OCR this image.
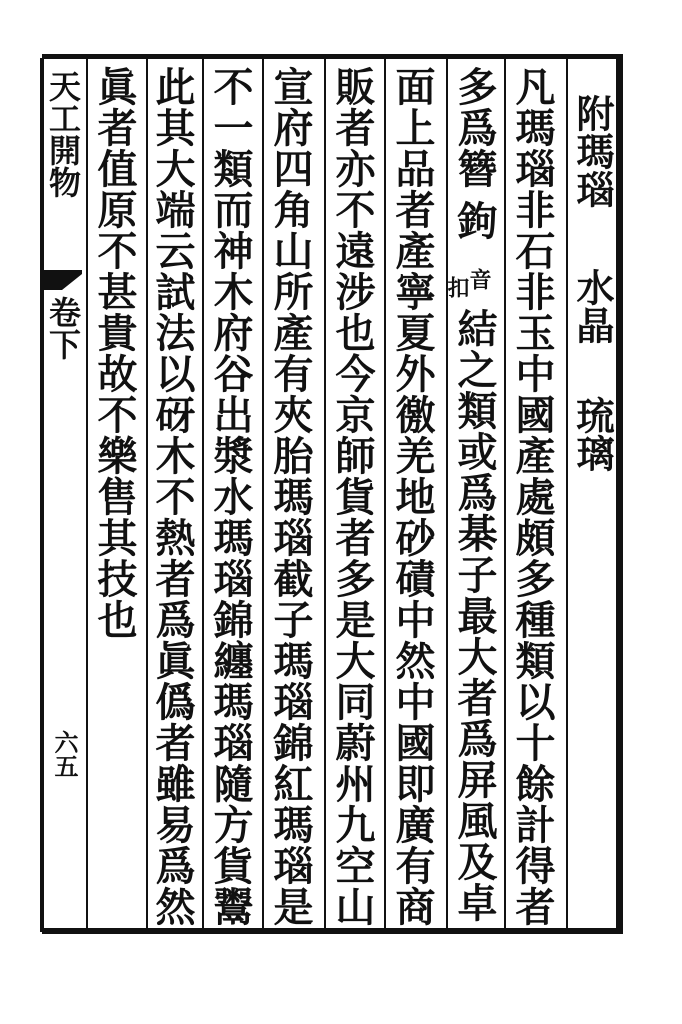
附瑪瑙
水晶
琉璃
凡瑪瑙非石非玉中國產處頗多種類以十餘計得者
多爲簪
鉤
音
扣
結之類或爲棊子最大者爲屏風及卓
面上品者產寧夏外徼羌地砂磧中然中國即廣有商
販者亦不遠涉也今京師貨者多是大同蔚州九空山
宣府四角山所產有夾胎瑪瑙截子瑪瑙錦紅瑪瑙是
不一類而神木府谷出漿水瑪瑙錦纏瑪瑙隨方貨鬻
此其大端云試法以砑木不熱者爲眞僞者雖易爲然
眞者值原不甚貴故不樂售其技也
天工開物
卷下
六五
